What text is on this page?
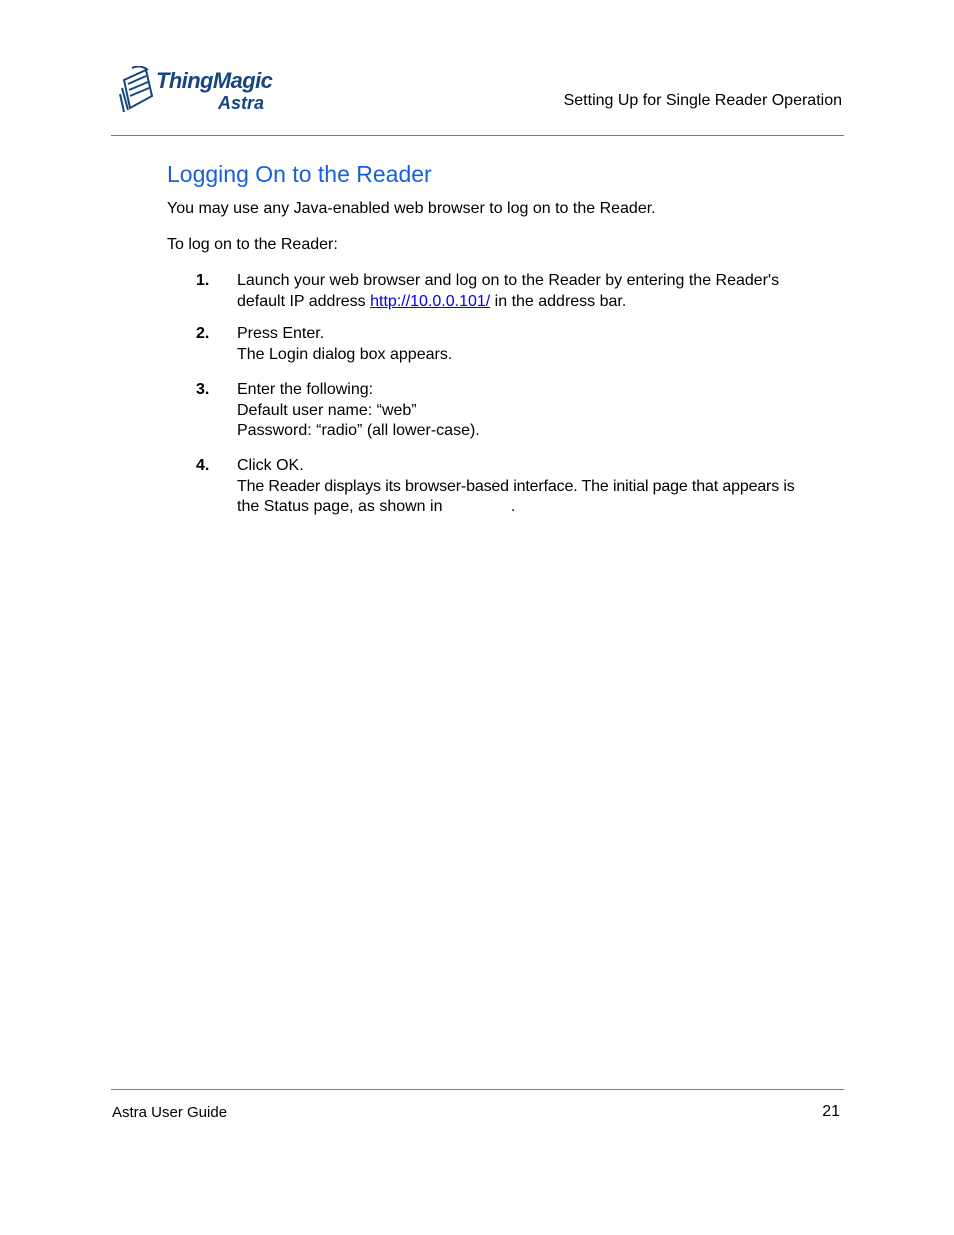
ThingMagic
Astra	Setting Up for Single Reader Operation
Logging On to the Reader
You may use any Java-enabled web browser to log on to the Reader.
To log on to the Reader:
1. Launch your web browser and log on to the Reader by entering the Reader's
default IP address http://10.0.0.101/ in the address bar.
2. Press Enter.
The Login dialog box appears.
3. Enter the following:
Default user name: “web”
Password: “radio” (all lower-case).
4. Click OK.
The Reader displays its browser-based interface. The initial page that appears is
the Status page, as shown in	.
Astra User Guide	21
